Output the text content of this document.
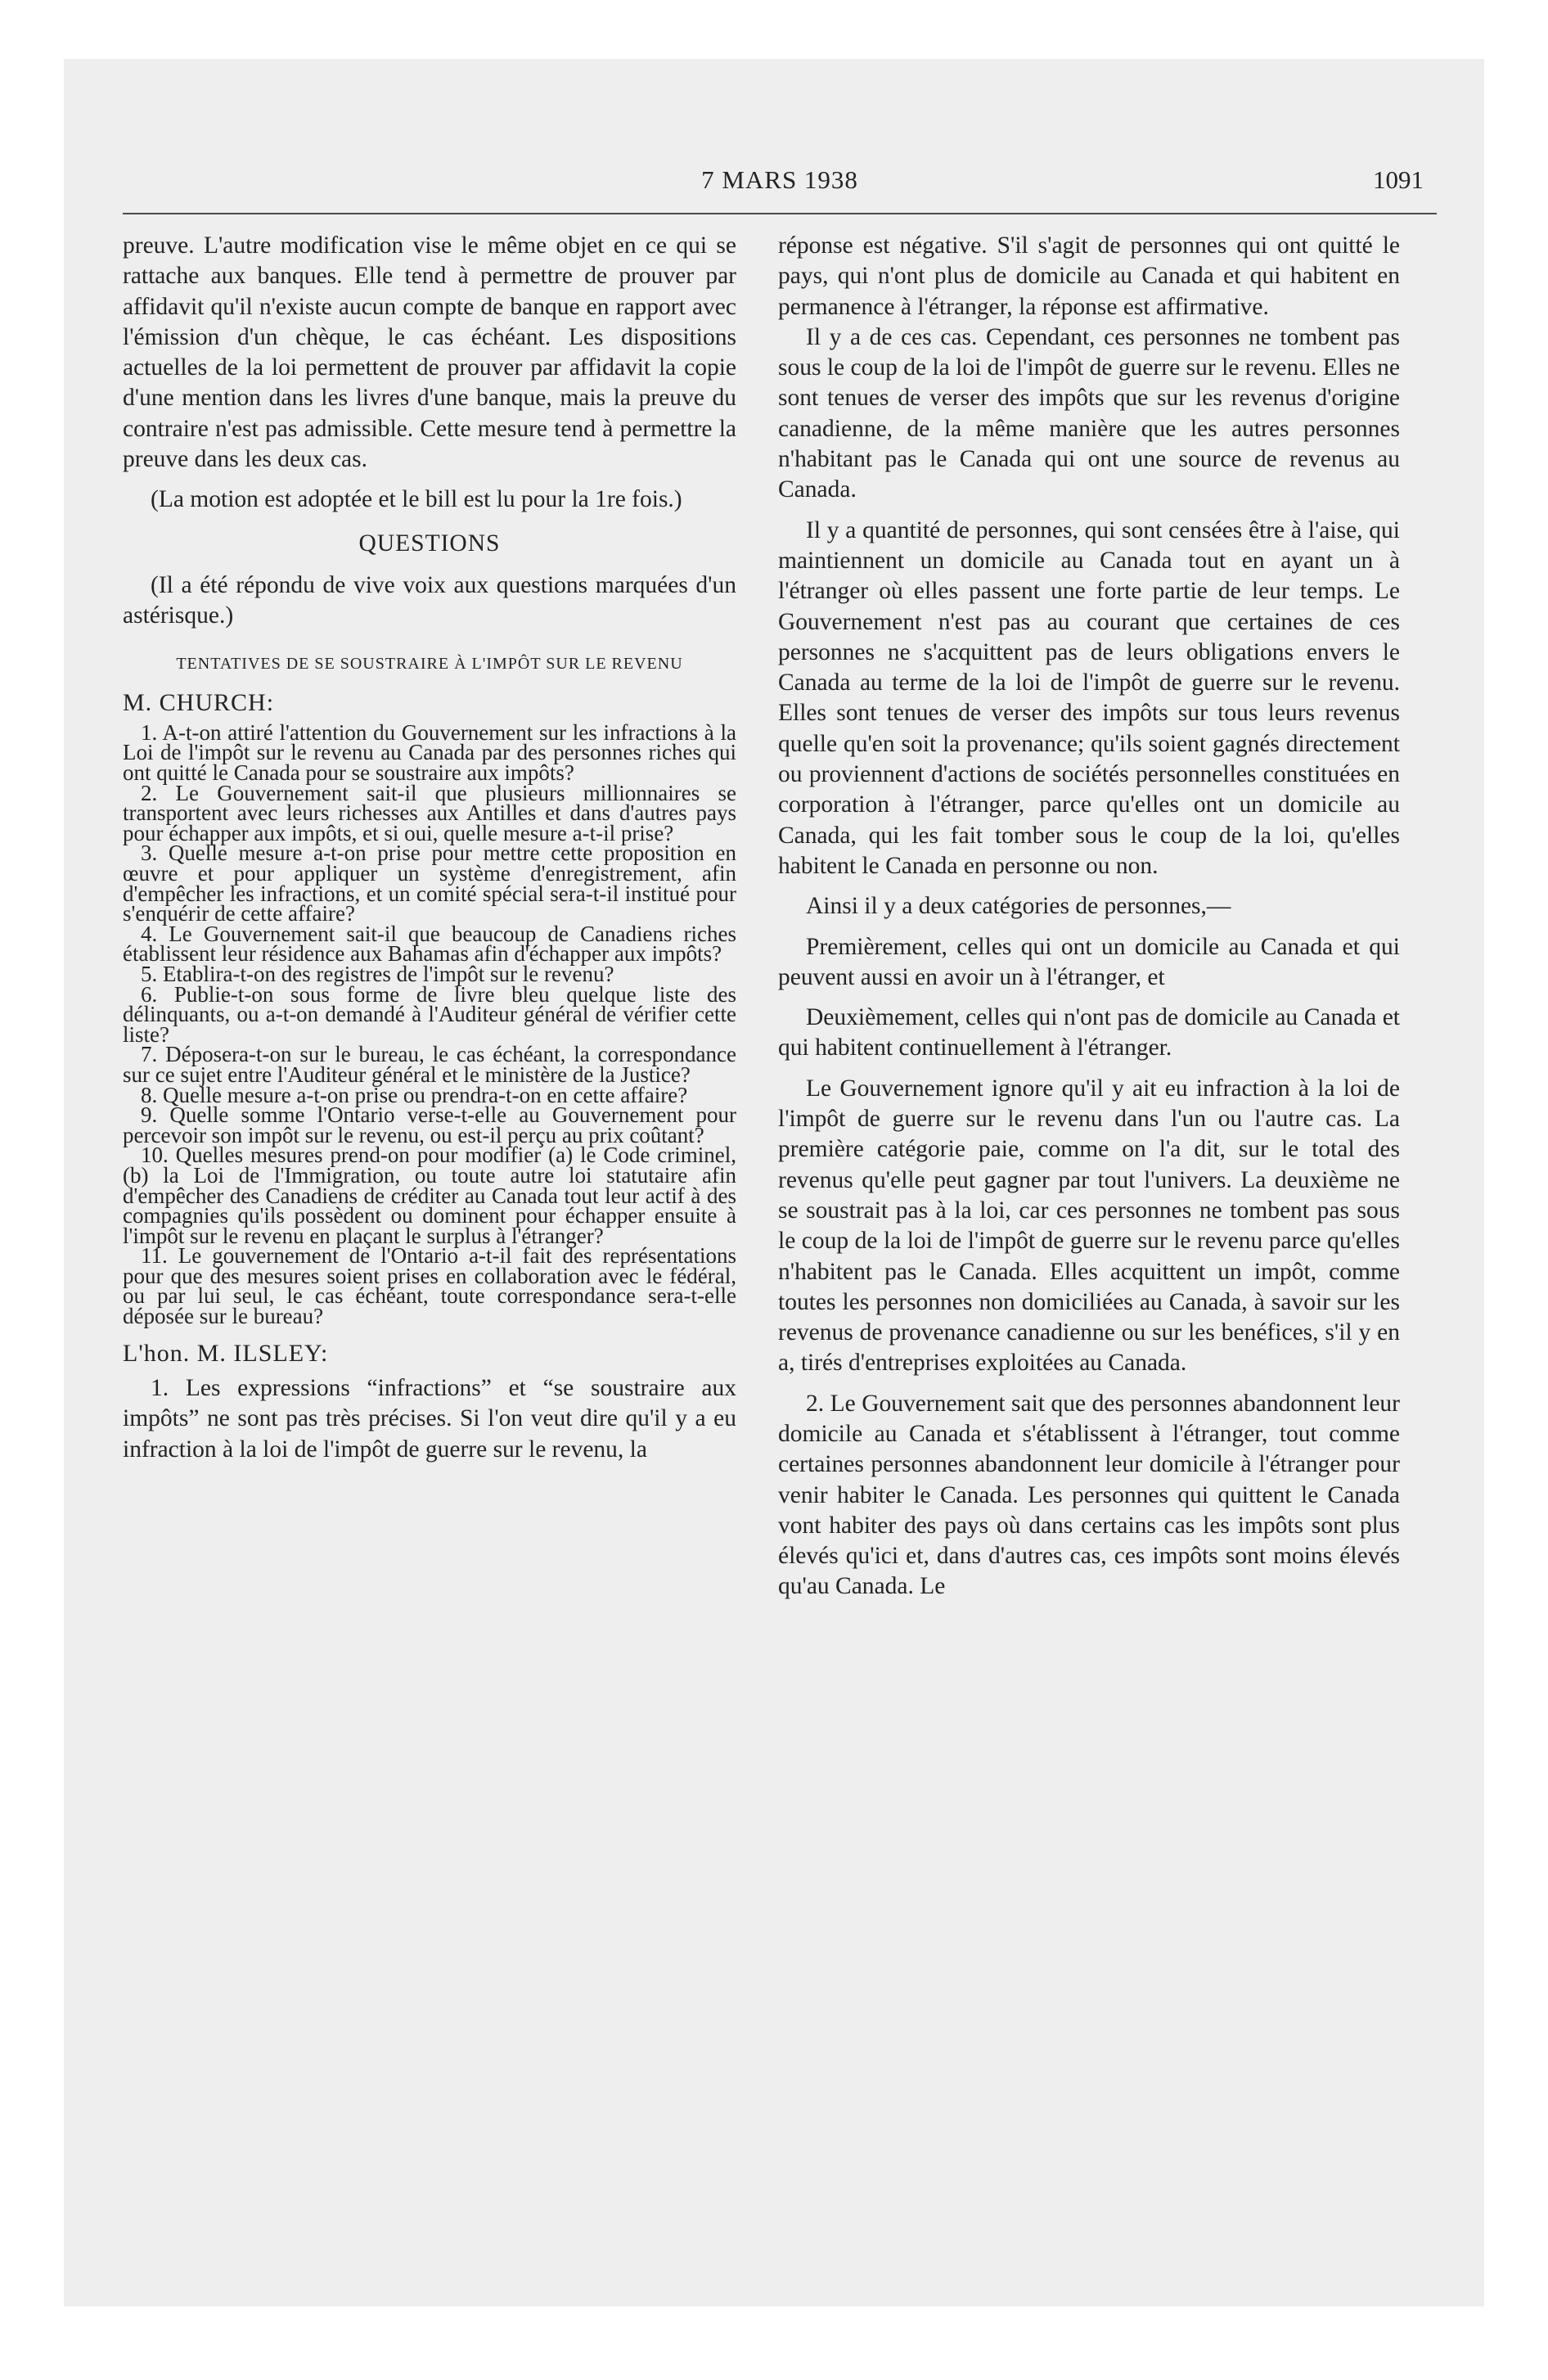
7 MARS 1938	1091

preuve. L'autre modification vise le même objet en ce qui se rattache aux banques. Elle tend à permettre de prouver par affidavit qu'il n'existe aucun compte de banque en rapport avec l'émission d'un chèque, le cas échéant. Les dispositions actuelles de la loi permettent de prouver par affidavit la copie d'une mention dans les livres d'une banque, mais la preuve du contraire n'est pas admissible. Cette mesure tend à permettre la preuve dans les deux cas.

(La motion est adoptée et le bill est lu pour la 1re fois.)

QUESTIONS

(Il a été répondu de vive voix aux questions marquées d'un astérisque.)

TENTATIVES DE SE SOUSTRAIRE À L'IMPÔT SUR LE REVENU
M. CHURCH:

1. A-t-on attiré l'attention du Gouvernement sur les infractions à la Loi de l'impôt sur le revenu au Canada par des personnes riches qui ont quitté le Canada pour se soustraire aux impôts?

2. Le Gouvernement sait-il que plusieurs millionnaires se transportent avec leurs richesses aux Antilles et dans d'autres pays pour échapper aux impôts, et si oui, quelle mesure a-t-il prise?

3. Quelle mesure a-t-on prise pour mettre cette proposition en œuvre et pour appliquer un système d'enregistrement, afin d'empêcher les infractions, et un comité spécial sera-t-il institué pour s'enquérir de cette affaire?

4. Le Gouvernement sait-il que beaucoup de Canadiens riches établissent leur résidence aux Bahamas afin d'échapper aux impôts?

5. Etablira-t-on des registres de l'impôt sur le revenu?

6. Publie-t-on sous forme de livre bleu quelque liste des délinquants, ou a-t-on demandé à l'Auditeur général de vérifier cette liste?

7. Déposera-t-on sur le bureau, le cas échéant, la correspondance sur ce sujet entre l'Auditeur général et le ministère de la Justice?

8. Quelle mesure a-t-on prise ou prendra-t-on en cette affaire?

9. Quelle somme l'Ontario verse-t-elle au Gouvernement pour percevoir son impôt sur le revenu, ou est-il perçu au prix coûtant?

10. Quelles mesures prend-on pour modifier (a) le Code criminel, (b) la Loi de l'Immigration, ou toute autre loi statutaire afin d'empêcher des Canadiens de créditer au Canada tout leur actif à des compagnies qu'ils possèdent ou dominent pour échapper ensuite à l'impôt sur le revenu en plaçant le surplus à l'étranger?

11. Le gouvernement de l'Ontario a-t-il fait des représentations pour que des mesures soient prises en collaboration avec le fédéral, ou par lui seul, le cas échéant, toute correspondance sera-t-elle déposée sur le bureau?

L'hon. M. ILSLEY:

1. Les expressions “infractions” et “se soustraire aux impôts” ne sont pas très précises. Si l'on veut dire qu'il y a eu infraction à la loi de l'impôt de guerre sur le revenu, la

réponse est négative. S'il s'agit de personnes qui ont quitté le pays, qui n'ont plus de domicile au Canada et qui habitent en permanence à l'étranger, la réponse est affirmative.

Il y a de ces cas. Cependant, ces personnes ne tombent pas sous le coup de la loi de l'impôt de guerre sur le revenu. Elles ne sont tenues de verser des impôts que sur les revenus d'origine canadienne, de la même manière que les autres personnes n'habitant pas le Canada qui ont une source de revenus au Canada.

Il y a quantité de personnes, qui sont censées être à l'aise, qui maintiennent un domicile au Canada tout en ayant un à l'étranger où elles passent une forte partie de leur temps. Le Gouvernement n'est pas au courant que certaines de ces personnes ne s'acquittent pas de leurs obligations envers le Canada au terme de la loi de l'impôt de guerre sur le revenu. Elles sont tenues de verser des impôts sur tous leurs revenus quelle qu'en soit la provenance; qu'ils soient gagnés directement ou proviennent d'actions de sociétés personnelles constituées en corporation à l'étranger, parce qu'elles ont un domicile au Canada, qui les fait tomber sous le coup de la loi, qu'elles habitent le Canada en personne ou non.

Ainsi il y a deux catégories de personnes,—

Premièrement, celles qui ont un domicile au Canada et qui peuvent aussi en avoir un à l'étranger, et

Deuxièmement, celles qui n'ont pas de domicile au Canada et qui habitent continuellement à l'étranger.

Le Gouvernement ignore qu'il y ait eu infraction à la loi de l'impôt de guerre sur le revenu dans l'un ou l'autre cas. La première catégorie paie, comme on l'a dit, sur le total des revenus qu'elle peut gagner par tout l'univers. La deuxième ne se soustrait pas à la loi, car ces personnes ne tombent pas sous le coup de la loi de l'impôt de guerre sur le revenu parce qu'elles n'habitent pas le Canada. Elles acquittent un impôt, comme toutes les personnes non domiciliées au Canada, à savoir sur les revenus de provenance canadienne ou sur les benéfices, s'il y en a, tirés d'entreprises exploitées au Canada.

2. Le Gouvernement sait que des personnes abandonnent leur domicile au Canada et s'établissent à l'étranger, tout comme certaines personnes abandonnent leur domicile à l'étranger pour venir habiter le Canada. Les personnes qui quittent le Canada vont habiter des pays où dans certains cas les impôts sont plus élevés qu'ici et, dans d'autres cas, ces impôts sont moins élevés qu'au Canada. Le
